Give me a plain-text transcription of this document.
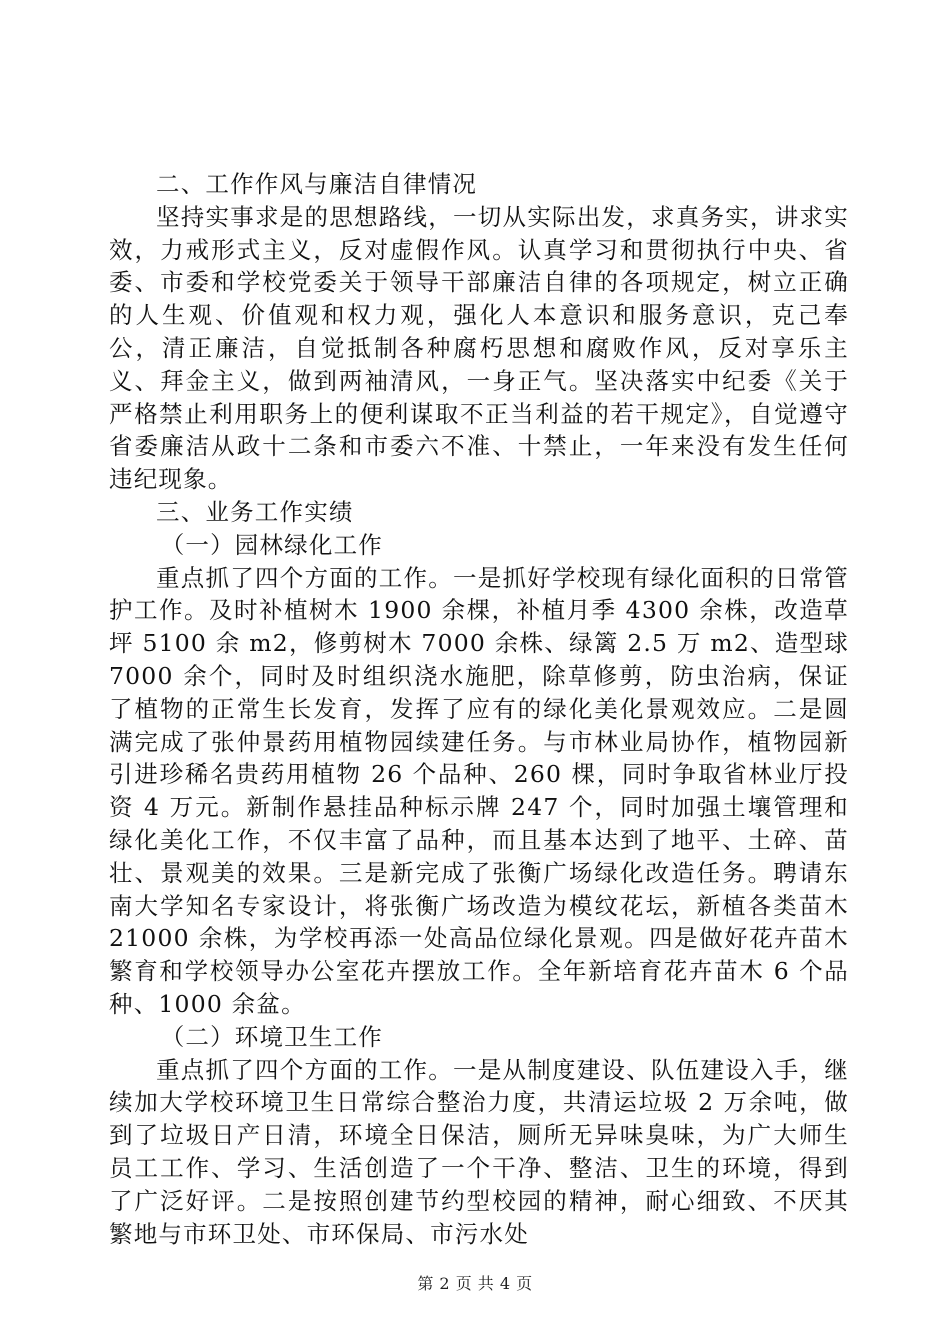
二、工作作风与廉洁自律情况

坚持实事求是的思想路线，一切从实际出发，求真务实，讲求实效，力戒形式主义，反对虚假作风。认真学习和贯彻执行中央、省委、市委和学校党委关于领导干部廉洁自律的各项规定，树立正确的人生观、价值观和权力观，强化人本意识和服务意识，克己奉公，清正廉洁，自觉抵制各种腐朽思想和腐败作风，反对享乐主义、拜金主义，做到两袖清风，一身正气。坚决落实中纪委《关于严格禁止利用职务上的便利谋取不正当利益的若干规定》，自觉遵守省委廉洁从政十二条和市委六不准、十禁止，一年来没有发生任何违纪现象。

三、业务工作实绩

（一）园林绿化工作

重点抓了四个方面的工作。一是抓好学校现有绿化面积的日常管护工作。及时补植树木 1900 余棵，补植月季 4300 余株，改造草坪 5100 余 m2，修剪树木 7000 余株、绿篱 2.5 万 m2、造型球 7000 余个，同时及时组织浇水施肥，除草修剪，防虫治病，保证了植物的正常生长发育，发挥了应有的绿化美化景观效应。二是圆满完成了张仲景药用植物园续建任务。与市林业局协作，植物园新引进珍稀名贵药用植物 26 个品种、260 棵，同时争取省林业厅投资 4 万元。新制作悬挂品种标示牌 247 个，同时加强土壤管理和绿化美化工作，不仅丰富了品种，而且基本达到了地平、土碎、苗壮、景观美的效果。三是新完成了张衡广场绿化改造任务。聘请东南大学知名专家设计，将张衡广场改造为模纹花坛，新植各类苗木 21000 余株，为学校再添一处高品位绿化景观。四是做好花卉苗木繁育和学校领导办公室花卉摆放工作。全年新培育花卉苗木 6 个品种、1000 余盆。

（二）环境卫生工作

重点抓了四个方面的工作。一是从制度建设、队伍建设入手，继续加大学校环境卫生日常综合整治力度，共清运垃圾 2 万余吨，做到了垃圾日产日清，环境全日保洁，厕所无异味臭味，为广大师生员工工作、学习、生活创造了一个干净、整洁、卫生的环境，得到了广泛好评。二是按照创建节约型校园的精神，耐心细致、不厌其繁地与市环卫处、市环保局、市污水处

第 2 页 共 4 页
